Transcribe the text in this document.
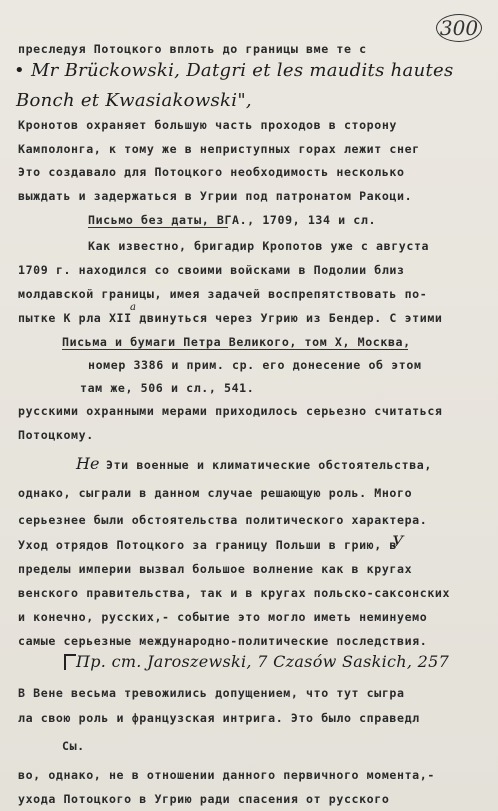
300
преследуя Потоцкого вплоть до границы вме те с
• Mr Brückowski, Datgri et les maudits hautes
Bonch et Kwasiakowski",
Кронотов охраняет большую часть проходов в сторону
Камполонга, к тому же в неприступных горах лежит снег
Это создавало для Потоцкого необходимость несколько
выждать и задержаться в Угрии под патронатом Ракоци.
Письмо без даты, ВГА., 1709, 134 и сл.
Как известно, бригадир Кропотов уже с августа
1709 г. находился со своими войсками в Подолии близ
молдавской границы, имея задачей воспрепятствовать по-
пытке К рла XII двинуться через Угрию из Бендер. С этими
а
Письма и бумаги Петра Великого, том X, Москва,
номер 3386 и прим. ср. его донесение об этом
там же, 506 и сл., 541.
русскими охранными мерами приходилось серьезно считаться
Потоцкому.
Не Эти военные и климатические обстоятельства,
однако, сыграли в данном случае решающую роль. Много
серьезнее были обстоятельства политического характера.
Уход отрядов Потоцкого за границу Польши в грию, в
У
пределы империи вызвал большое волнение как в кругах
венского правительства, так и в кругах польско-саксонских
и конечно, русских,- событие это могло иметь неминуемо
самые серьезные международно-политические последствия.
Пр. ст. Jaroszewski, 7 Czasów Saskich, 257
В Вене весьма тревожились допущением, что тут сыгра
ла свою роль и французская интрига. Это было справедл
Сы.
во, однако, не в отношении данного первичного момента,-
ухода Потоцкого в Угрию ради спасения от русского
